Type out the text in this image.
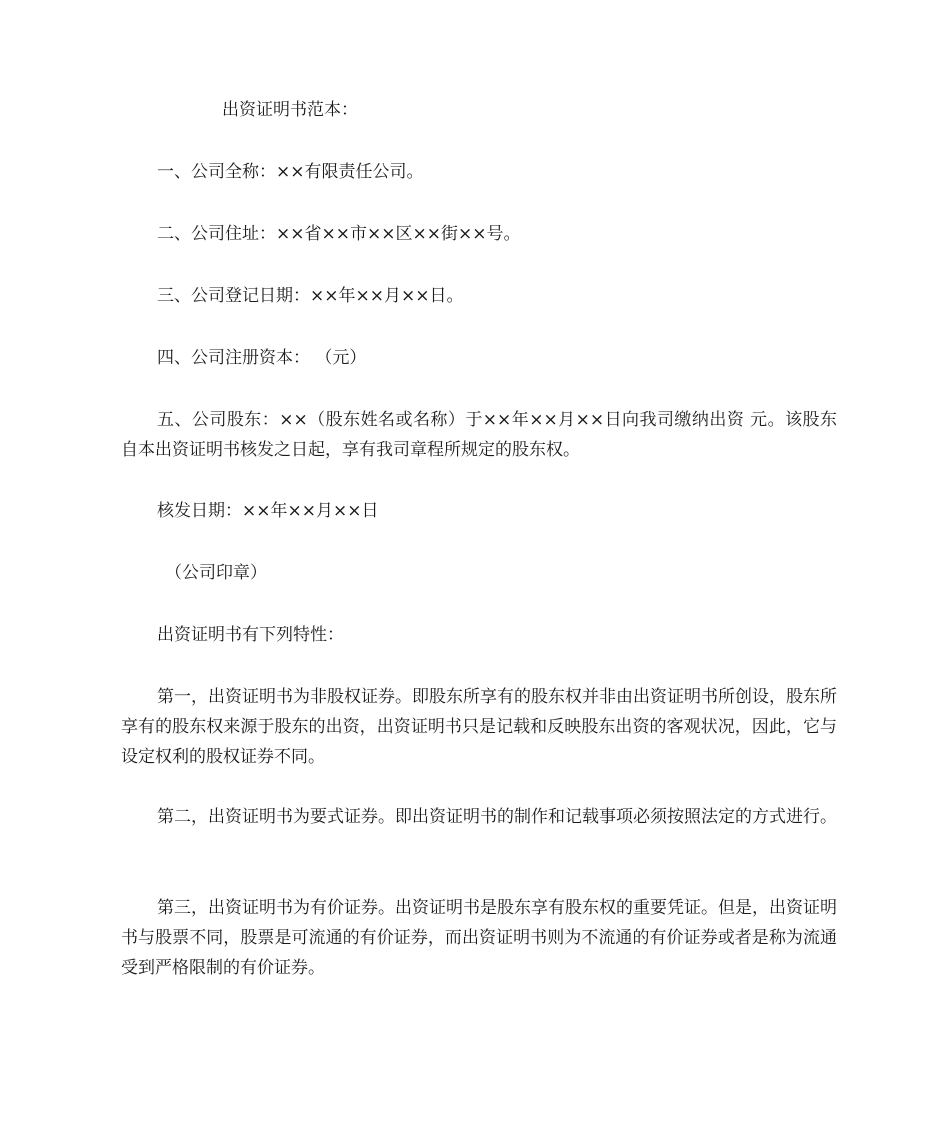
出资证明书范本：

一、公司全称：××有限责任公司。

二、公司住址：××省××市××区××街××号。

三、公司登记日期：××年××月××日。

四、公司注册资本： （元）

五、公司股东：××（股东姓名或名称）于××年××月××日向我司缴纳出资 元。该股东自本出资证明书核发之日起，享有我司章程所规定的股东权。

核发日期：××年××月××日

（公司印章）

出资证明书有下列特性：

第一，出资证明书为非股权证券。即股东所享有的股东权并非由出资证明书所创设，股东所享有的股东权来源于股东的出资，出资证明书只是记载和反映股东出资的客观状况，因此，它与设定权利的股权证券不同。

第二，出资证明书为要式证券。即出资证明书的制作和记载事项必须按照法定的方式进行。

第三，出资证明书为有价证券。出资证明书是股东享有股东权的重要凭证。但是，出资证明书与股票不同，股票是可流通的有价证券，而出资证明书则为不流通的有价证券或者是称为流通受到严格限制的有价证券。
